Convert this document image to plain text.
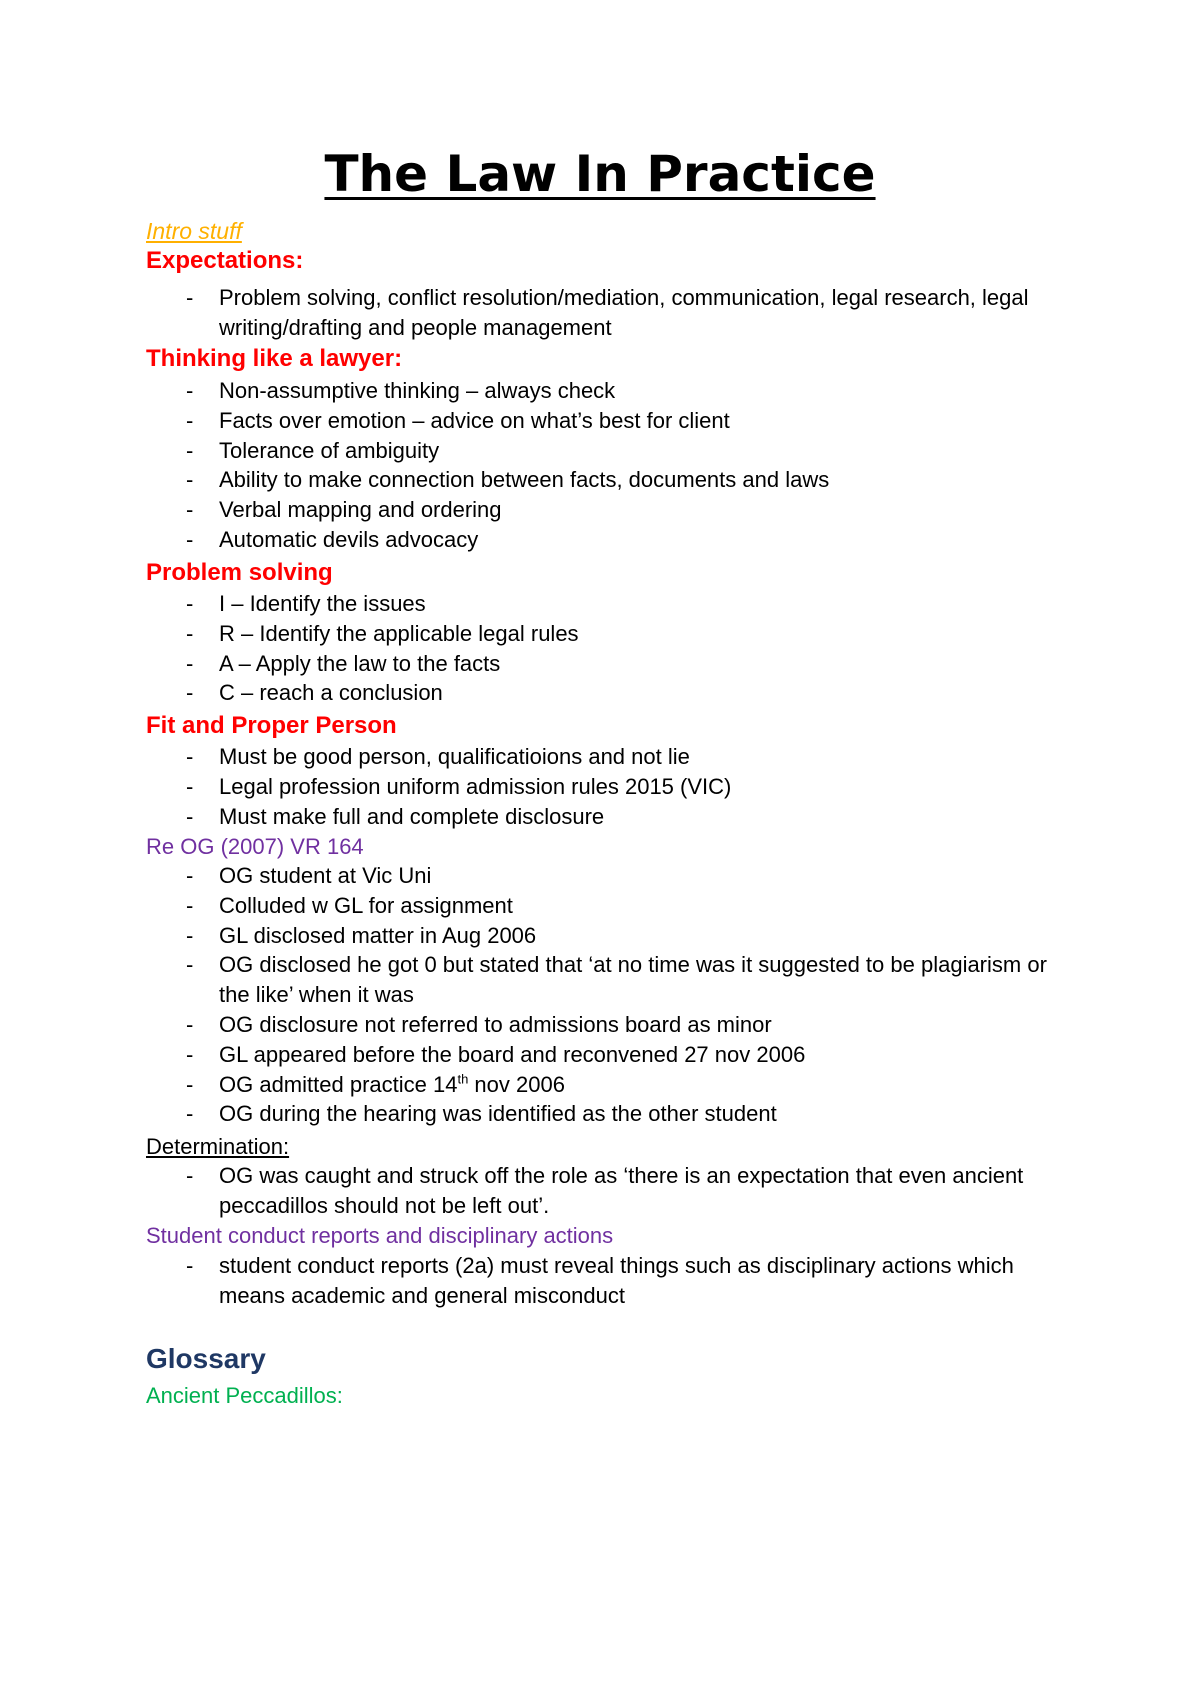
The Law In Practice

Intro stuff

Expectations:

- Problem solving, conflict resolution/mediation, communication, legal research, legal writing/drafting and people management

Thinking like a lawyer:

- Non-assumptive thinking – always check
- Facts over emotion – advice on what’s best for client
- Tolerance of ambiguity
- Ability to make connection between facts, documents and laws
- Verbal mapping and ordering
- Automatic devils advocacy

Problem solving

- I – Identify the issues
- R – Identify the applicable legal rules
- A – Apply the law to the facts
- C – reach a conclusion

Fit and Proper Person

- Must be good person, qualificatioions and not lie
- Legal profession uniform admission rules 2015 (VIC)
- Must make full and complete disclosure

Re OG (2007) VR 164

- OG student at Vic Uni
- Colluded w GL for assignment
- GL disclosed matter in Aug 2006
- OG disclosed he got 0 but stated that ‘at no time was it suggested to be plagiarism or the like’ when it was
- OG disclosure not referred to admissions board as minor
- GL appeared before the board and reconvened 27 nov 2006
- OG admitted practice 14th nov 2006
- OG during the hearing was identified as the other student

Determination:

- OG was caught and struck off the role as ‘there is an expectation that even ancient peccadillos should not be left out’.

Student conduct reports and disciplinary actions

- student conduct reports (2a) must reveal things such as disciplinary actions which means academic and general misconduct

Glossary

Ancient Peccadillos:
